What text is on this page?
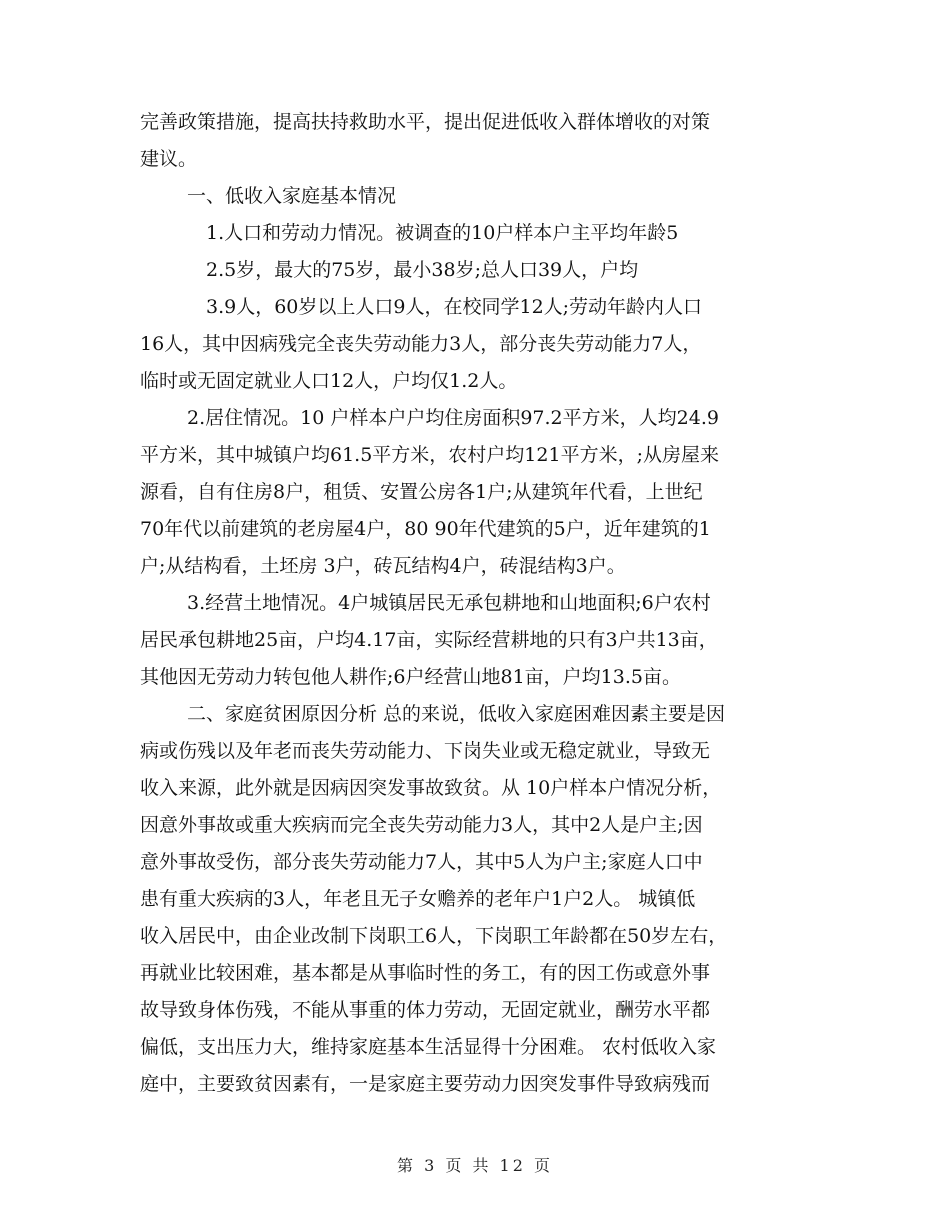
完善政策措施，提高扶持救助水平，提出促进低收入群体增收的对策
建议。
一、低收入家庭基本情况
1.人口和劳动力情况。被调查的10户样本户主平均年龄5
2.5岁，最大的75岁，最小38岁;总人口39人，户均
3.9人，60岁以上人口9人，在校同学12人;劳动年龄内人口
16人，其中因病残完全丧失劳动能力3人，部分丧失劳动能力7人，
临时或无固定就业人口12人，户均仅1.2人。
2.居住情况。10 户样本户户均住房面积97.2平方米，人均24.9
平方米，其中城镇户均61.5平方米，农村户均121平方米，;从房屋来
源看，自有住房8户，租赁、安置公房各1户;从建筑年代看，上世纪
70年代以前建筑的老房屋4户，80 90年代建筑的5户，近年建筑的1
户;从结构看，土坯房 3户，砖瓦结构4户，砖混结构3户。
3.经营土地情况。4户城镇居民无承包耕地和山地面积;6户农村
居民承包耕地25亩，户均4.17亩，实际经营耕地的只有3户共13亩，
其他因无劳动力转包他人耕作;6户经营山地81亩，户均13.5亩。
二、家庭贫困原因分析 总的来说，低收入家庭困难因素主要是因
病或伤残以及年老而丧失劳动能力、下岗失业或无稳定就业，导致无
收入来源，此外就是因病因突发事故致贫。从 10户样本户情况分析，
因意外事故或重大疾病而完全丧失劳动能力3人，其中2人是户主;因
意外事故受伤，部分丧失劳动能力7人，其中5人为户主;家庭人口中
患有重大疾病的3人，年老且无子女赡养的老年户1户2人。 城镇低
收入居民中，由企业改制下岗职工6人，下岗职工年龄都在50岁左右，
再就业比较困难，基本都是从事临时性的务工，有的因工伤或意外事
故导致身体伤残，不能从事重的体力劳动，无固定就业，酬劳水平都
偏低，支出压力大，维持家庭基本生活显得十分困难。 农村低收入家
庭中，主要致贫因素有，一是家庭主要劳动力因突发事件导致病残而
第 3 页 共 12 页
